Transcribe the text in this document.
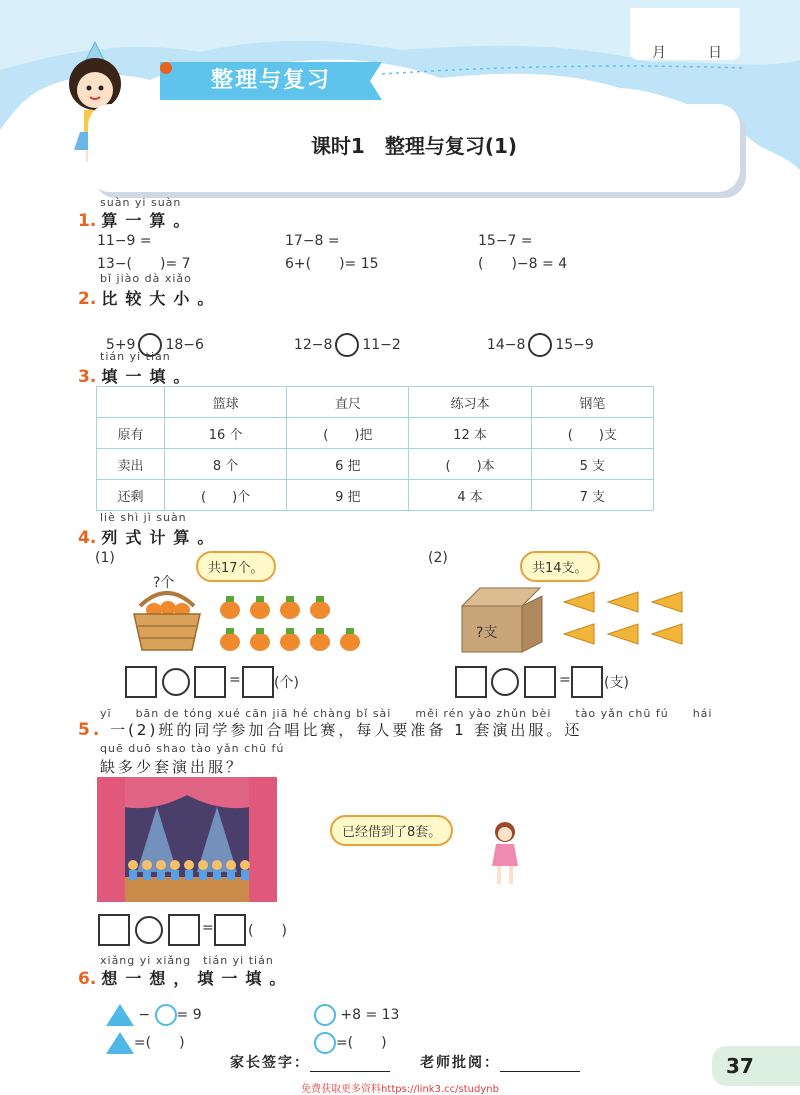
月	日
整理与复习
课时1　整理与复习(1)
suàn yi suàn
1. 算一算。
11−9 =	17−8 =	15−7 =
13−(　　)= 7	6+(　　)= 15	(　　)−8 = 4
bǐ jiào dà xiǎo
2. 比较大小。

5+9 18−6	12−8 11−2	14−8 15−9

tián yi tián
3. 填一填。
	篮球	直尺	练习本	钢笔
原有	16 个	(　　)把	12 本	(　　)支
卖出	8 个	6 把	(　　)本	5 支
还剩	(　　)个	9 把	4 本	7 支
liè shì jì suàn
4. 列式计算。
(1)
共17个。
?个
= (个)
(2)
共14支。
?支
= (支)
yī　　bān de tóng xué cān jiā hé chàng bǐ sài　　měi rén yào zhǔn bèi　　tào yǎn chū fú　　hái
5. 一(2)班的同学参加合唱比赛，每人要准备 1 套演出服。还
quē duō shao tào yǎn chū fú
缺多少套演出服？
已经借到了8套。
= (　　)
xiǎng yi xiǎng　tián yi tián
6. 想一想，填一填。

− = 9	+8 = 13

=(　　)	=(　　)

家长签字：	老师批阅：	37
免费获取更多资料https://link3.cc/studynb
